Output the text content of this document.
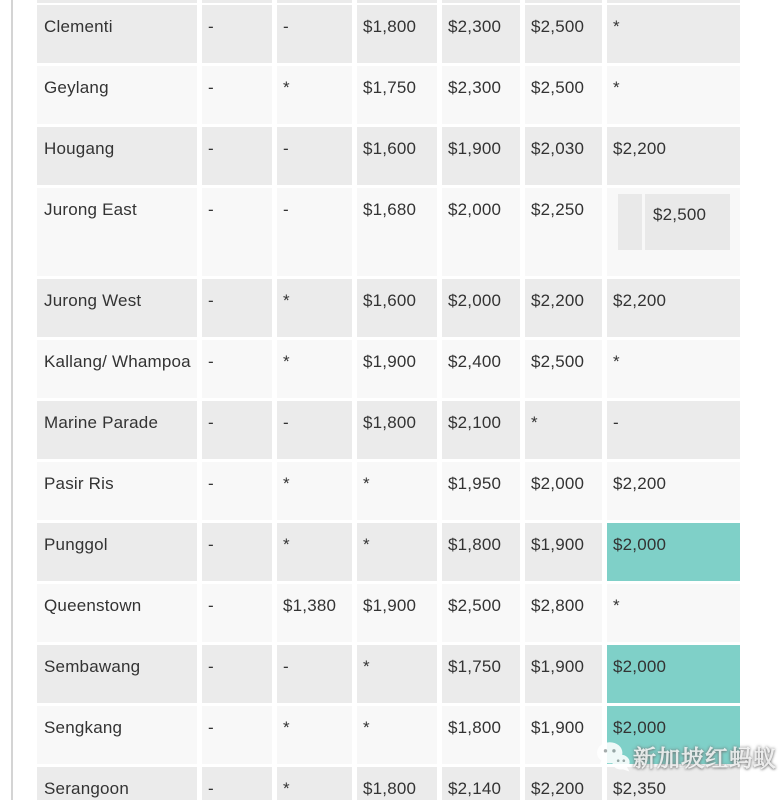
Clementi	-	-	$1,800	$2,300	$2,500	*
Geylang	-	*	$1,750	$2,300	$2,500	*
Hougang	-	-	$1,600	$1,900	$2,030	$2,200
Jurong East	-	-	$1,680	$2,000	$2,250	$2,500
Jurong West	-	*	$1,600	$2,000	$2,200	$2,200
Kallang/ Whampoa	-	*	$1,900	$2,400	$2,500	*
Marine Parade	-	-	$1,800	$2,100	*	-
Pasir Ris	-	*	*	$1,950	$2,000	$2,200
Punggol	-	*	*	$1,800	$1,900	$2,000
Queenstown	-	$1,380	$1,900	$2,500	$2,800	*
Sembawang	-	-	*	$1,750	$1,900	$2,000
Sengkang	-	*	*	$1,800	$1,900	$2,000
Serangoon	-	*	$1,800	$2,140	$2,200	$2,350
新加坡红蚂蚁
